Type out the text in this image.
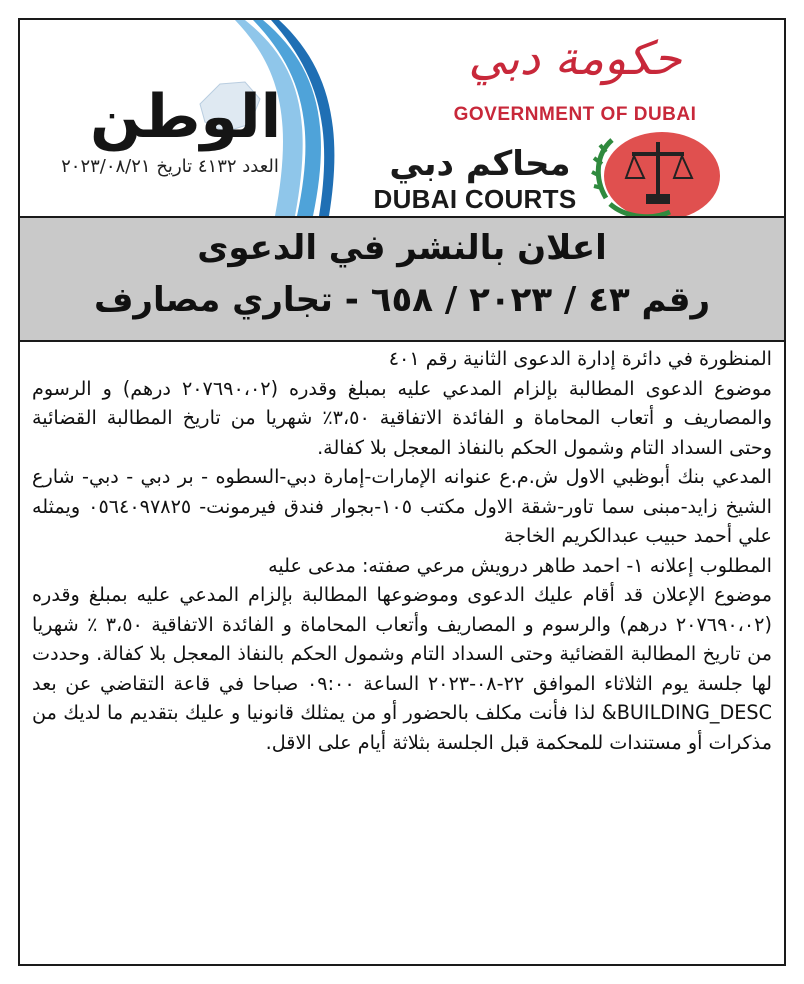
الوطن
العدد ٤١٣٢ تاريخ ٢٠٢٣/٠٨/٢١
حكومة دبي
GOVERNMENT OF DUBAI
محاكم دبي
DUBAI COURTS
اعلان بالنشر في الدعوى
رقم ٤٣ / ٢٠٢٣ / ٦٥٨ - تجاري مصارف

المنظورة في دائرة إدارة الدعوى الثانية رقم ٤٠١

موضوع الدعوى المطالبة بإلزام المدعي عليه بمبلغ وقدره (٢٠٧٦٩٠،٠٢ درهم) و الرسوم والمصاريف و أتعاب المحاماة و الفائدة الاتفاقية ٣،٥٠٪ شهريا من تاريخ المطالبة القضائية وحتى السداد التام وشمول الحكم بالنفاذ المعجل بلا كفالة.

المدعي بنك أبوظبي الاول ش.م.ع عنوانه الإمارات-إمارة دبي-السطوه - بر دبي - دبي- شارع الشيخ زايد-مبنى سما تاور-شقة الاول مكتب ١٠٥-بجوار فندق فيرمونت- ٠٥٦٤٠٩٧٨٢٥ ويمثله علي أحمد حبيب عبدالكريم الخاجة

المطلوب إعلانه ١- احمد طاهر درويش مرعي صفته: مدعى عليه

موضوع الإعلان قد أقام عليك الدعوى وموضوعها المطالبة بإلزام المدعي عليه بمبلغ وقدره (٢٠٧٦٩٠،٠٢ درهم) والرسوم و المصاريف وأتعاب المحاماة و الفائدة الاتفاقية ٣،٥٠ ٪ شهريا من تاريخ المطالبة القضائية وحتى السداد التام وشمول الحكم بالنفاذ المعجل بلا كفالة. وحددت لها جلسة يوم الثلاثاء الموافق ٢٢-٠٨-٢٠٢٣ الساعة ٠٩:٠٠ صباحا في قاعة التقاضي عن بعد BUILDING_DESC& لذا فأنت مكلف بالحضور أو من يمثلك قانونيا و عليك بتقديم ما لديك من مذكرات أو مستندات للمحكمة قبل الجلسة بثلاثة أيام على الاقل.
